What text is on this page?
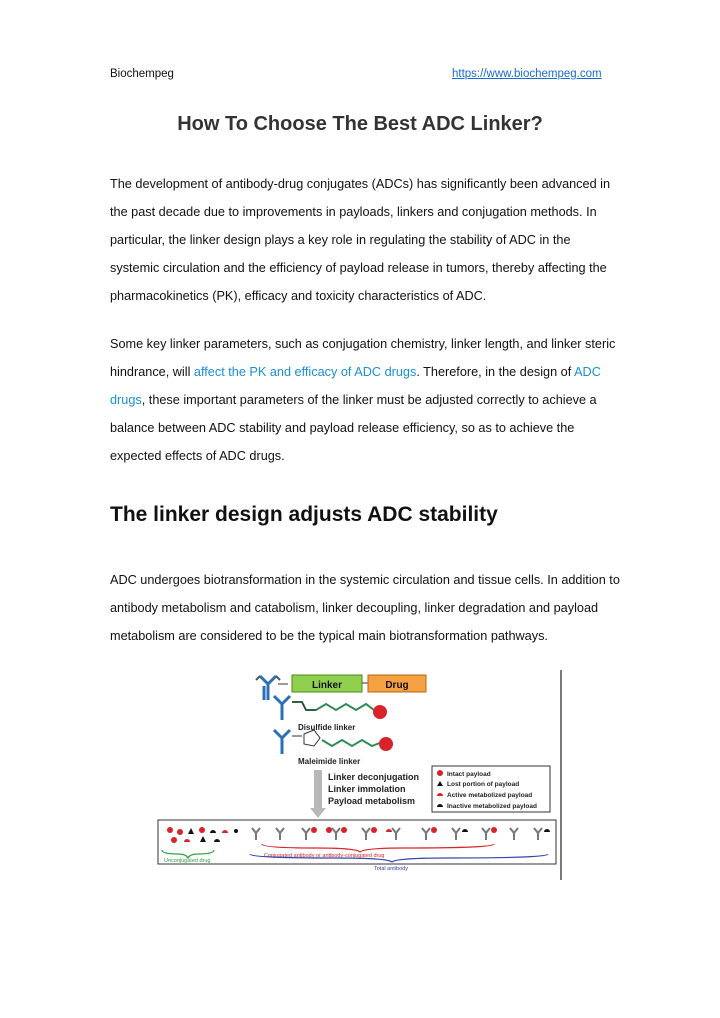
Biochempeg	https://www.biochempeg.com
How To Choose The Best ADC Linker?

The development of antibody-drug conjugates (ADCs) has significantly been advanced in the past decade due to improvements in payloads, linkers and conjugation methods. In particular, the linker design plays a key role in regulating the stability of ADC in the systemic circulation and the efficiency of payload release in tumors, thereby affecting the pharmacokinetics (PK), efficacy and toxicity characteristics of ADC.

Some key linker parameters, such as conjugation chemistry, linker length, and linker steric hindrance, will affect the PK and efficacy of ADC drugs. Therefore, in the design of ADC drugs, these important parameters of the linker must be adjusted correctly to achieve a balance between ADC stability and payload release efficiency, so as to achieve the expected effects of ADC drugs.

The linker design adjusts ADC stability

ADC undergoes biotransformation in the systemic circulation and tissue cells. In addition to antibody metabolism and catabolism, linker decoupling, linker degradation and payload metabolism are considered to be the typical main biotransformation pathways.

Linker	Drug
Disulfide linker
Maleimide linker
Linker deconjugation
Linker immolation
Payload metabolism
Intact payload
Lost portion of payload
Active metabolized payload
Inactive metabolized payload
Unconjugated drug
Conjugated antibody or antibody-conjugated drug
Total antibody
